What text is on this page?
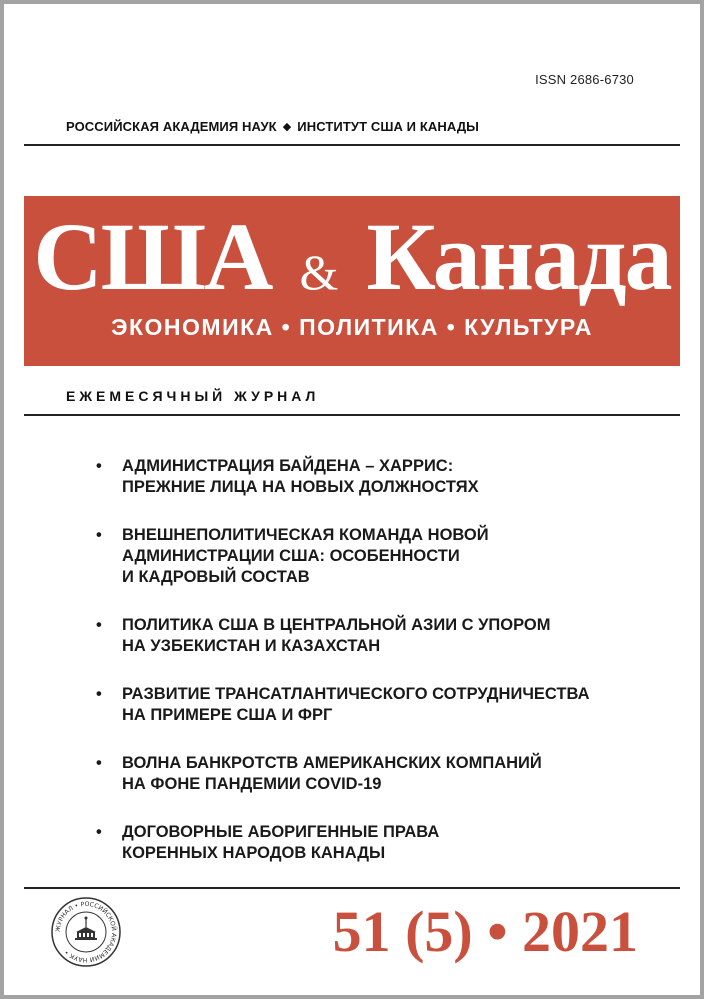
ISSN 2686-6730
РОССИЙСКАЯ АКАДЕМИЯ НАУК ◆ ИНСТИТУТ США И КАНАДЫ
США & Канада
ЭКОНОМИКА • ПОЛИТИКА • КУЛЬТУРА
ЕЖЕМЕСЯЧНЫЙ ЖУРНАЛ
• АДМИНИСТРАЦИЯ БАЙДЕНА – ХАРРИС:
ПРЕЖНИЕ ЛИЦА НА НОВЫХ ДОЛЖНОСТЯХ
• ВНЕШНЕПОЛИТИЧЕСКАЯ КОМАНДА НОВОЙ
АДМИНИСТРАЦИИ США: ОСОБЕННОСТИ
И КАДРОВЫЙ СОСТАВ
• ПОЛИТИКА США В ЦЕНТРАЛЬНОЙ АЗИИ С УПОРОМ
НА УЗБЕКИСТАН И КАЗАХСТАН
• РАЗВИТИЕ ТРАНСАТЛАНТИЧЕСКОГО СОТРУДНИЧЕСТВА
НА ПРИМЕРЕ США И ФРГ
• ВОЛНА БАНКРОТСТВ АМЕРИКАНСКИХ КОМПАНИЙ
НА ФОНЕ ПАНДЕМИИ COVID-19
• ДОГОВОРНЫЕ АБОРИГЕННЫЕ ПРАВА
КОРЕННЫХ НАРОДОВ КАНАДЫ
ЖУРНАЛ • РОССИЙСКОЙ АКАДЕМИИ НАУК •	51 (5) • 2021
